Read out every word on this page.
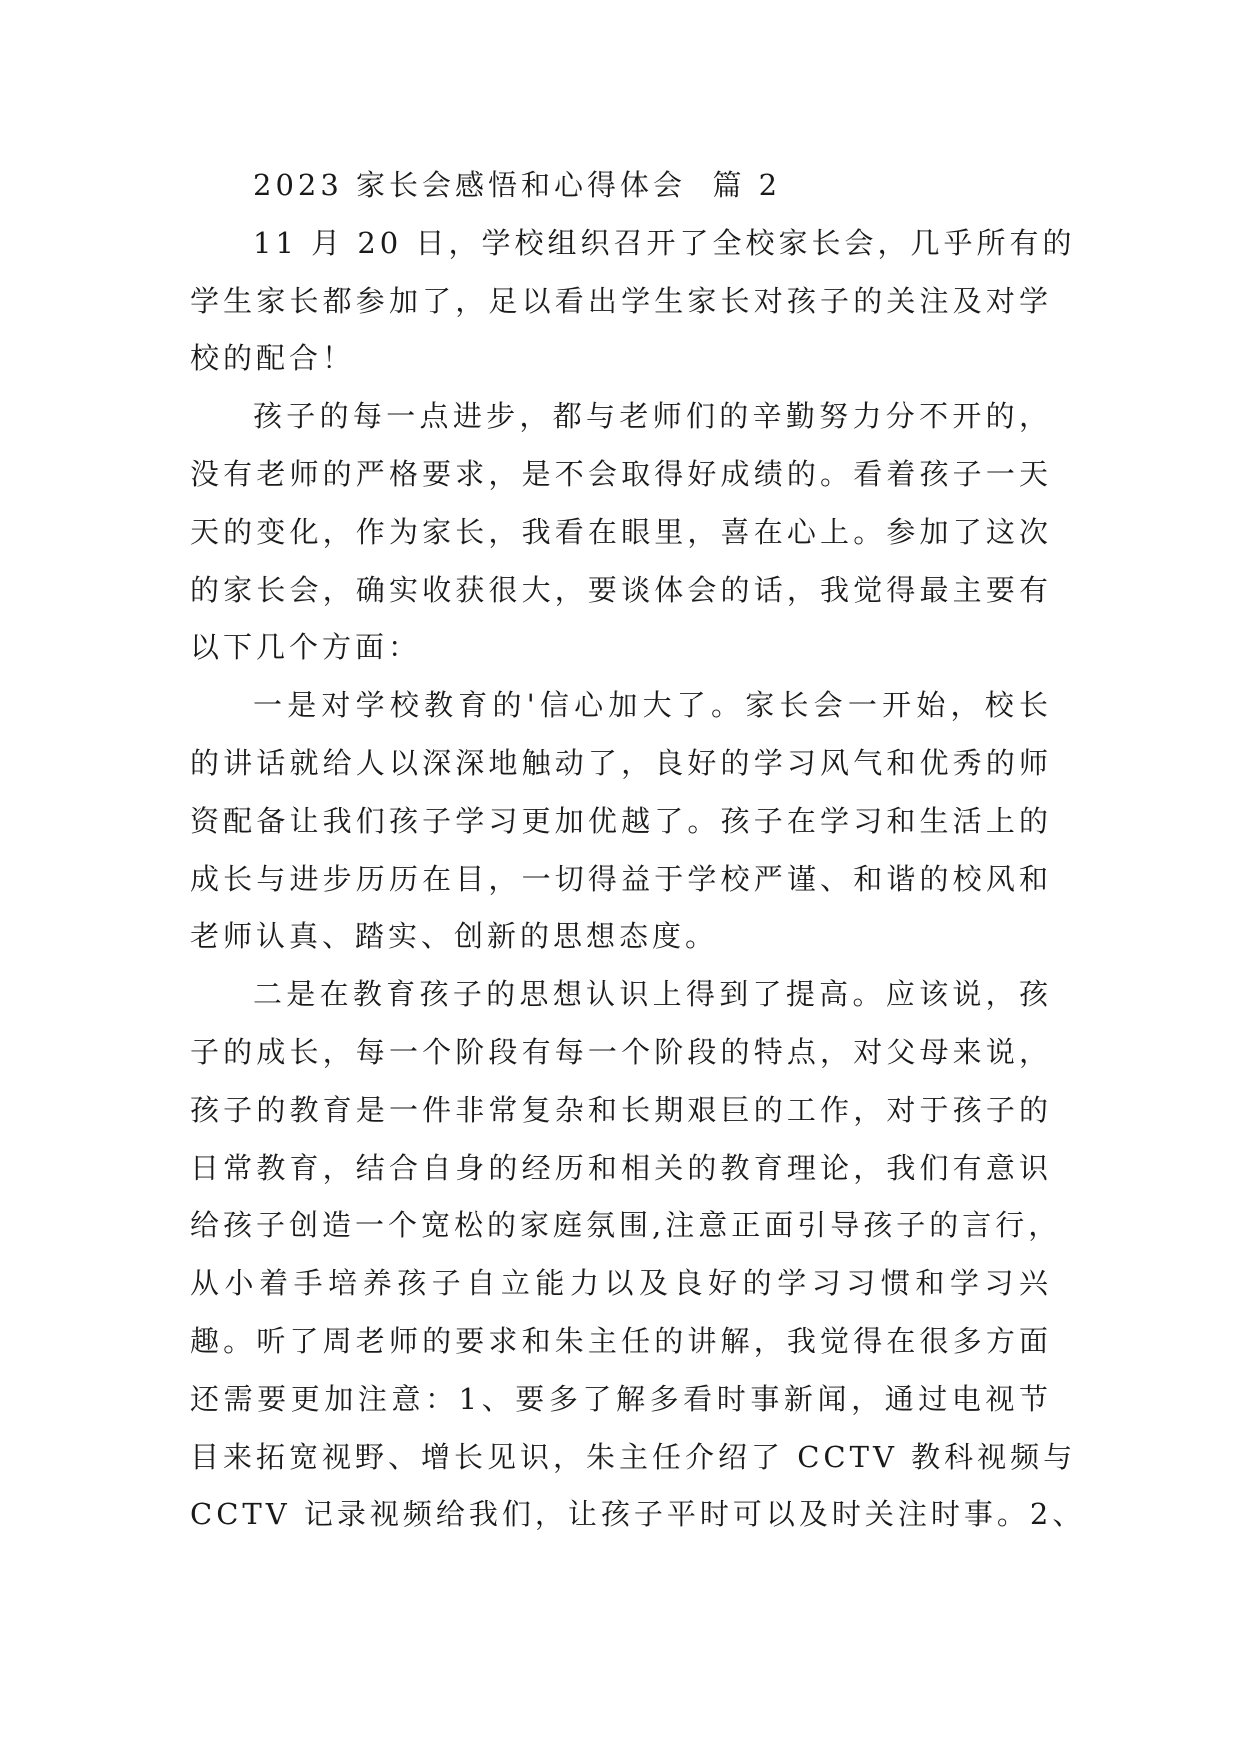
2023 家长会感悟和心得体会  篇 2
11 月 20 日，学校组织召开了全校家长会，几乎所有的
学生家长都参加了，足以看出学生家长对孩子的关注及对学
校的配合！
孩子的每一点进步，都与老师们的辛勤努力分不开的，
没有老师的严格要求，是不会取得好成绩的。看着孩子一天
天的变化，作为家长，我看在眼里，喜在心上。参加了这次
的家长会，确实收获很大，要谈体会的话，我觉得最主要有
以下几个方面：
一是对学校教育的'信心加大了。家长会一开始，校长
的讲话就给人以深深地触动了，良好的学习风气和优秀的师
资配备让我们孩子学习更加优越了。孩子在学习和生活上的
成长与进步历历在目，一切得益于学校严谨、和谐的校风和
老师认真、踏实、创新的思想态度。
二是在教育孩子的思想认识上得到了提高。应该说，孩
子的成长，每一个阶段有每一个阶段的特点，对父母来说，
孩子的教育是一件非常复杂和长期艰巨的工作，对于孩子的
日常教育，结合自身的经历和相关的教育理论，我们有意识
给孩子创造一个宽松的家庭氛围,注意正面引导孩子的言行，
从小着手培养孩子自立能力以及良好的学习习惯和学习兴
趣。听了周老师的要求和朱主任的讲解，我觉得在很多方面
还需要更加注意：1、要多了解多看时事新闻，通过电视节
目来拓宽视野、增长见识，朱主任介绍了 CCTV 教科视频与
CCTV 记录视频给我们，让孩子平时可以及时关注时事。2、
